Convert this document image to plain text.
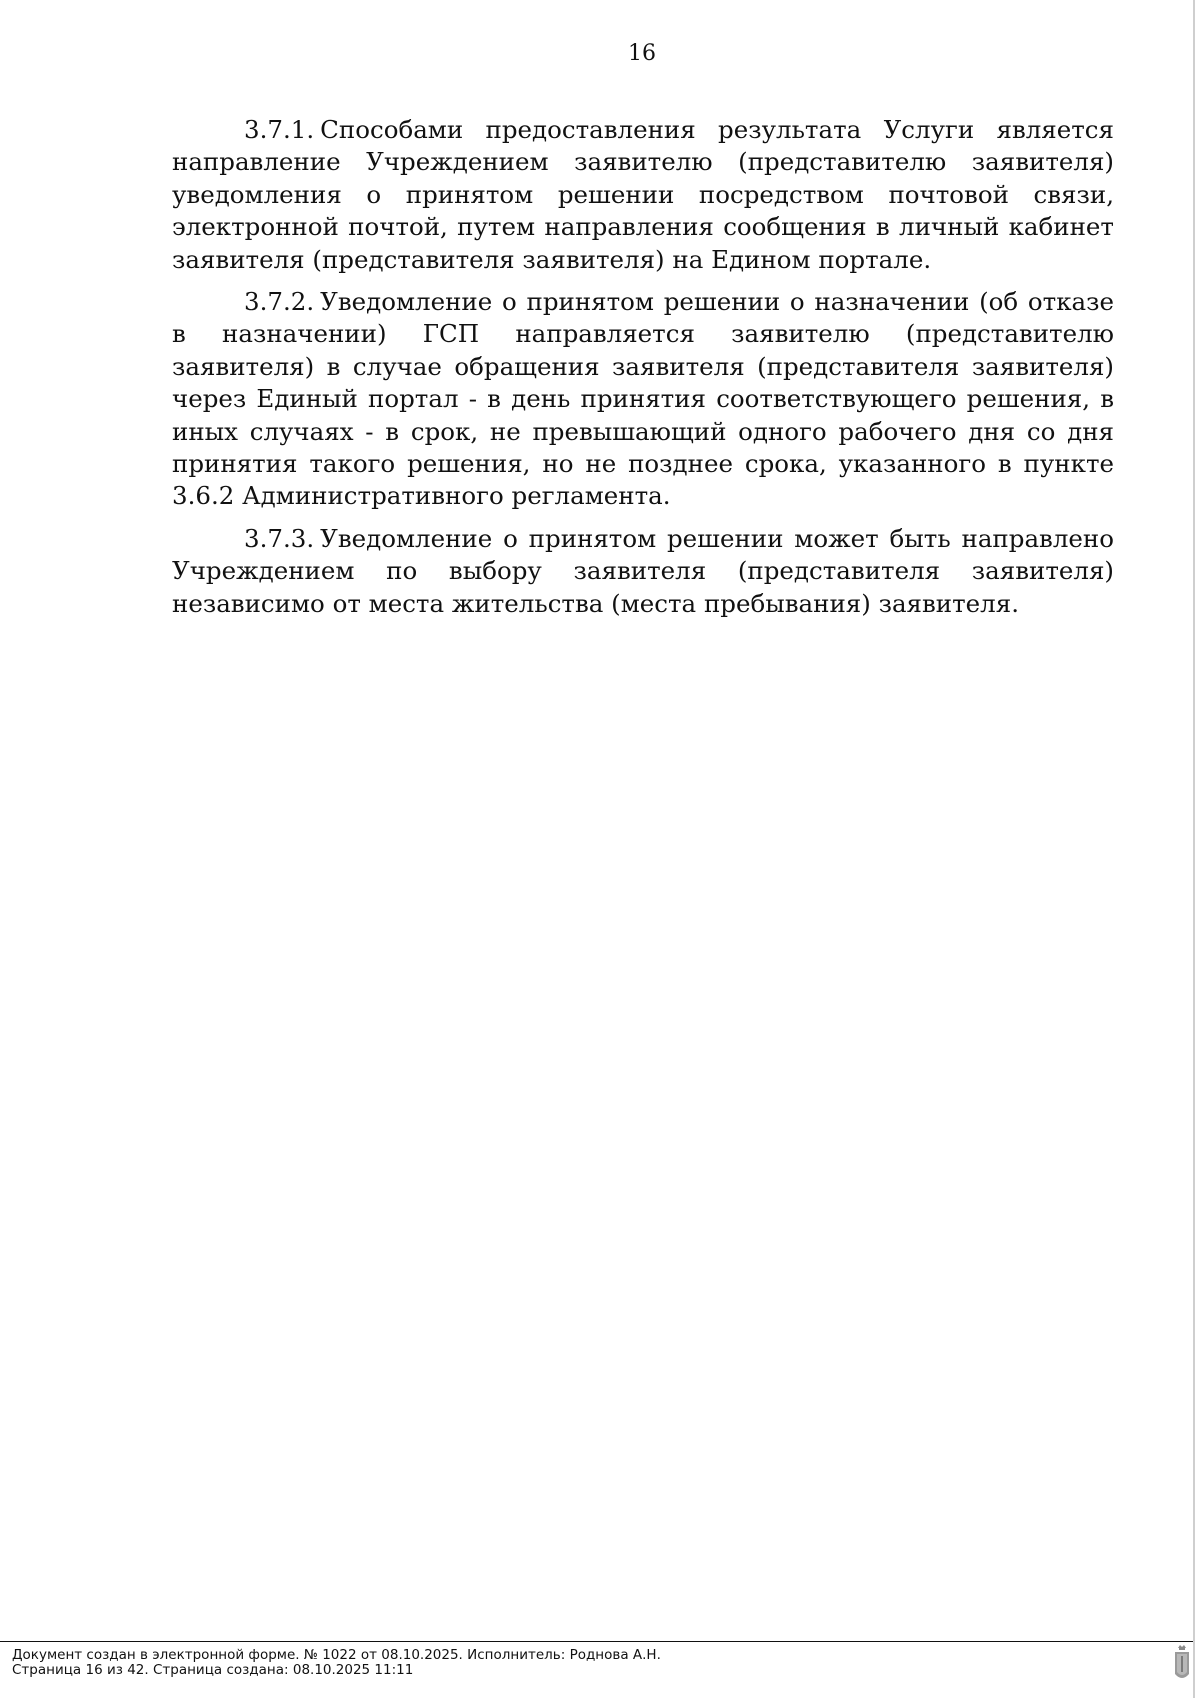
16

3.7.1. Способами предоставления результата Услуги является направление Учреждением заявителю (представителю заявителя) уведомления о принятом решении посредством почтовой связи, электронной почтой, путем направления сообщения в личный кабинет заявителя (представителя заявителя) на Едином портале.

3.7.2. Уведомление о принятом решении о назначении (об отказе в назначении) ГСП направляется заявителю (представителю заявителя) в случае обращения заявителя (представителя заявителя) через Единый портал - в день принятия соответствующего решения, в иных случаях - в срок, не превышающий одного рабочего дня со дня принятия такого решения, но не позднее срока, указанного в пункте 3.6.2 Административного регламента.

3.7.3. Уведомление о принятом решении может быть направлено Учреждением по выбору заявителя (представителя заявителя) независимо от места жительства (места пребывания) заявителя.

Документ создан в электронной форме. № 1022 от 08.10.2025. Исполнитель: Роднова А.Н.
Страница 16 из 42. Страница создана: 08.10.2025 11:11
